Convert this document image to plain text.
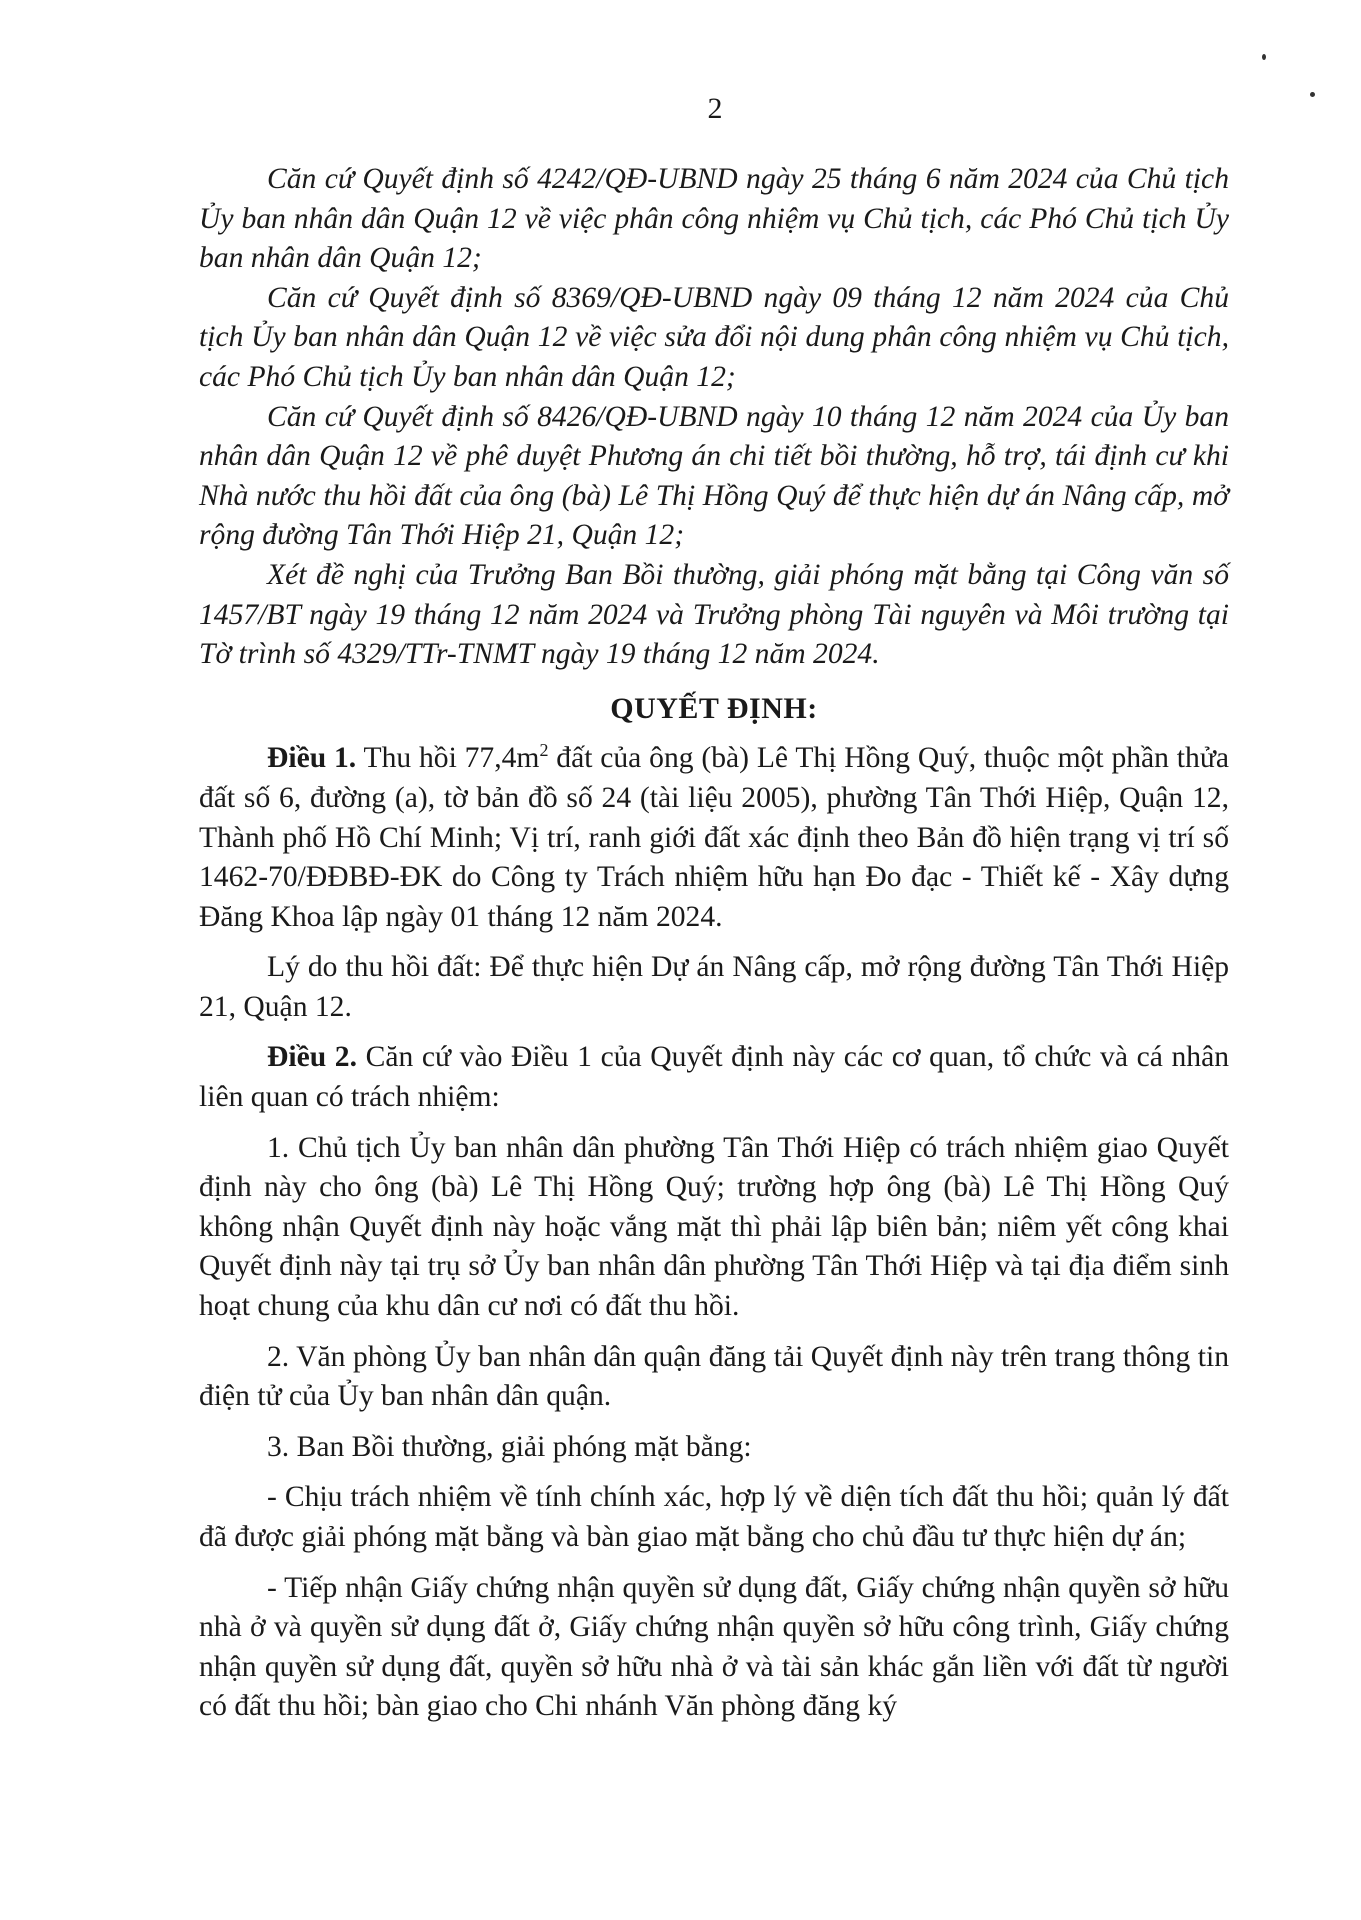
2

Căn cứ Quyết định số 4242/QĐ-UBND ngày 25 tháng 6 năm 2024 của Chủ tịch Ủy ban nhân dân Quận 12 về việc phân công nhiệm vụ Chủ tịch, các Phó Chủ tịch Ủy ban nhân dân Quận 12;

Căn cứ Quyết định số 8369/QĐ-UBND ngày 09 tháng 12 năm 2024 của Chủ tịch Ủy ban nhân dân Quận 12 về việc sửa đổi nội dung phân công nhiệm vụ Chủ tịch, các Phó Chủ tịch Ủy ban nhân dân Quận 12;

Căn cứ Quyết định số 8426/QĐ-UBND ngày 10 tháng 12 năm 2024 của Ủy ban nhân dân Quận 12 về phê duyệt Phương án chi tiết bồi thường, hỗ trợ, tái định cư khi Nhà nước thu hồi đất của ông (bà) Lê Thị Hồng Quý để thực hiện dự án Nâng cấp, mở rộng đường Tân Thới Hiệp 21, Quận 12;

Xét đề nghị của Trưởng Ban Bồi thường, giải phóng mặt bằng tại Công văn số 1457/BT ngày 19 tháng 12 năm 2024 và Trưởng phòng Tài nguyên và Môi trường tại Tờ trình số 4329/TTr-TNMT ngày 19 tháng 12 năm 2024.

QUYẾT ĐỊNH:

Điều 1. Thu hồi $77,4m^2$ đất của ông (bà) Lê Thị Hồng Quý, thuộc một phần thửa đất số 6, đường (a), tờ bản đồ số 24 (tài liệu 2005), phường Tân Thới Hiệp, Quận 12, Thành phố Hồ Chí Minh; Vị trí, ranh giới đất xác định theo Bản đồ hiện trạng vị trí số 1462-70/ĐĐBĐ-ĐK do Công ty Trách nhiệm hữu hạn Đo đạc - Thiết kế - Xây dựng Đăng Khoa lập ngày 01 tháng 12 năm 2024.

Lý do thu hồi đất: Để thực hiện Dự án Nâng cấp, mở rộng đường Tân Thới Hiệp 21, Quận 12.

Điều 2. Căn cứ vào Điều 1 của Quyết định này các cơ quan, tổ chức và cá nhân liên quan có trách nhiệm:

1. Chủ tịch Ủy ban nhân dân phường Tân Thới Hiệp có trách nhiệm giao Quyết định này cho ông (bà) Lê Thị Hồng Quý; trường hợp ông (bà) Lê Thị Hồng Quý không nhận Quyết định này hoặc vắng mặt thì phải lập biên bản; niêm yết công khai Quyết định này tại trụ sở Ủy ban nhân dân phường Tân Thới Hiệp và tại địa điểm sinh hoạt chung của khu dân cư nơi có đất thu hồi.

2. Văn phòng Ủy ban nhân dân quận đăng tải Quyết định này trên trang thông tin điện tử của Ủy ban nhân dân quận.

3. Ban Bồi thường, giải phóng mặt bằng:

- Chịu trách nhiệm về tính chính xác, hợp lý về diện tích đất thu hồi; quản lý đất đã được giải phóng mặt bằng và bàn giao mặt bằng cho chủ đầu tư thực hiện dự án;

- Tiếp nhận Giấy chứng nhận quyền sử dụng đất, Giấy chứng nhận quyền sở hữu nhà ở và quyền sử dụng đất ở, Giấy chứng nhận quyền sở hữu công trình, Giấy chứng nhận quyền sử dụng đất, quyền sở hữu nhà ở và tài sản khác gắn liền với đất từ người có đất thu hồi; bàn giao cho Chi nhánh Văn phòng đăng ký
